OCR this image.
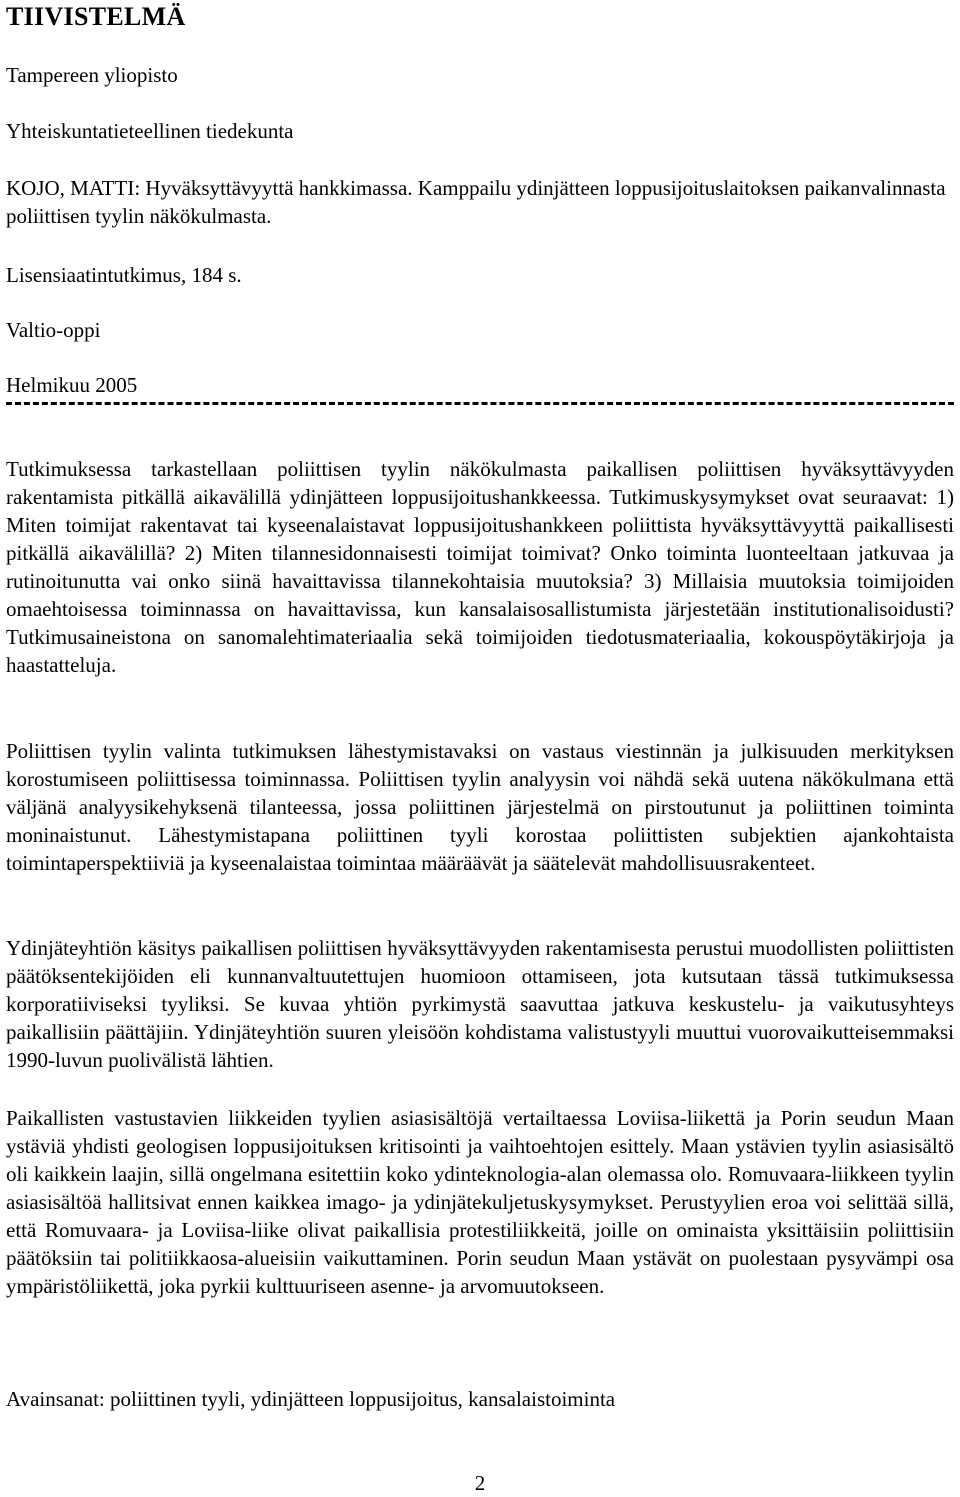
TIIVISTELMÄ
Tampereen yliopisto
Yhteiskuntatieteellinen tiedekunta
KOJO, MATTI: Hyväksyttävyyttä hankkimassa. Kamppailu ydinjätteen loppusijoituslaitoksen paikanvalinnasta poliittisen tyylin näkökulmasta.
Lisensiaatintutkimus, 184 s.
Valtio-oppi
Helmikuu 2005
Tutkimuksessa tarkastellaan poliittisen tyylin näkökulmasta paikallisen poliittisen hyväksyttävyyden rakentamista pitkällä aikavälillä ydinjätteen loppusijoitushankkeessa. Tutkimuskysymykset ovat seuraavat: 1) Miten toimijat rakentavat tai kyseenalaistavat loppusijoitushankkeen poliittista hyväksyttävyyttä paikallisesti pitkällä aikavälillä? 2) Miten tilannesidonnaisesti toimijat toimivat? Onko toiminta luonteeltaan jatkuvaa ja rutinoitunutta vai onko siinä havaittavissa tilannekohtaisia muutoksia? 3) Millaisia muutoksia toimijoiden omaehtoisessa toiminnassa on havaittavissa, kun kansalaisosallistumista järjestetään institutionalisoidusti? Tutkimusaineistona on sanomalehtimateriaalia sekä toimijoiden tiedotusmateriaalia, kokouspöytäkirjoja ja haastatteluja.
Poliittisen tyylin valinta tutkimuksen lähestymistavaksi on vastaus viestinnän ja julkisuuden merkityksen korostumiseen poliittisessa toiminnassa. Poliittisen tyylin analyysin voi nähdä sekä uutena näkökulmana että väljänä analyysikehyksenä tilanteessa, jossa poliittinen järjestelmä on pirstoutunut ja poliittinen toiminta moninaistunut. Lähestymistapana poliittinen tyyli korostaa poliittisten subjektien ajankohtaista toimintaperspektiiviä ja kyseenalaistaa toimintaa määräävät ja säätelevät mahdollisuusrakenteet.
Ydinjäteyhtiön käsitys paikallisen poliittisen hyväksyttävyyden rakentamisesta perustui muodollisten poliittisten päätöksentekijöiden eli kunnanvaltuutettujen huomioon ottamiseen, jota kutsutaan tässä tutkimuksessa korporatiiviseksi tyyliksi. Se kuvaa yhtiön pyrkimystä saavuttaa jatkuva keskustelu- ja vaikutusyhteys paikallisiin päättäjiin. Ydinjäteyhtiön suuren yleisöön kohdistama valistustyyli muuttui vuorovaikutteisemmaksi 1990-luvun puolivälistä lähtien.
Paikallisten vastustavien liikkeiden tyylien asiasisältöjä vertailtaessa Loviisa-liikettä ja Porin seudun Maan ystäviä yhdisti geologisen loppusijoituksen kritisointi ja vaihtoehtojen esittely. Maan ystävien tyylin asiasisältö oli kaikkein laajin, sillä ongelmana esitettiin koko ydinteknologia-alan olemassa olo. Romuvaara-liikkeen tyylin asiasisältöä hallitsivat ennen kaikkea imago- ja ydinjätekuljetuskysymykset. Perustyylien eroa voi selittää sillä, että Romuvaara- ja Loviisa-liike olivat paikallisia protestiliikkeitä, joille on ominaista yksittäisiin poliittisiin päätöksiin tai politiikkaosa-alueisiin vaikuttaminen. Porin seudun Maan ystävät on puolestaan pysyvämpi osa ympäristöliikettä, joka pyrkii kulttuuriseen asenne- ja arvomuutokseen.
Avainsanat: poliittinen tyyli, ydinjätteen loppusijoitus, kansalaistoiminta
2
